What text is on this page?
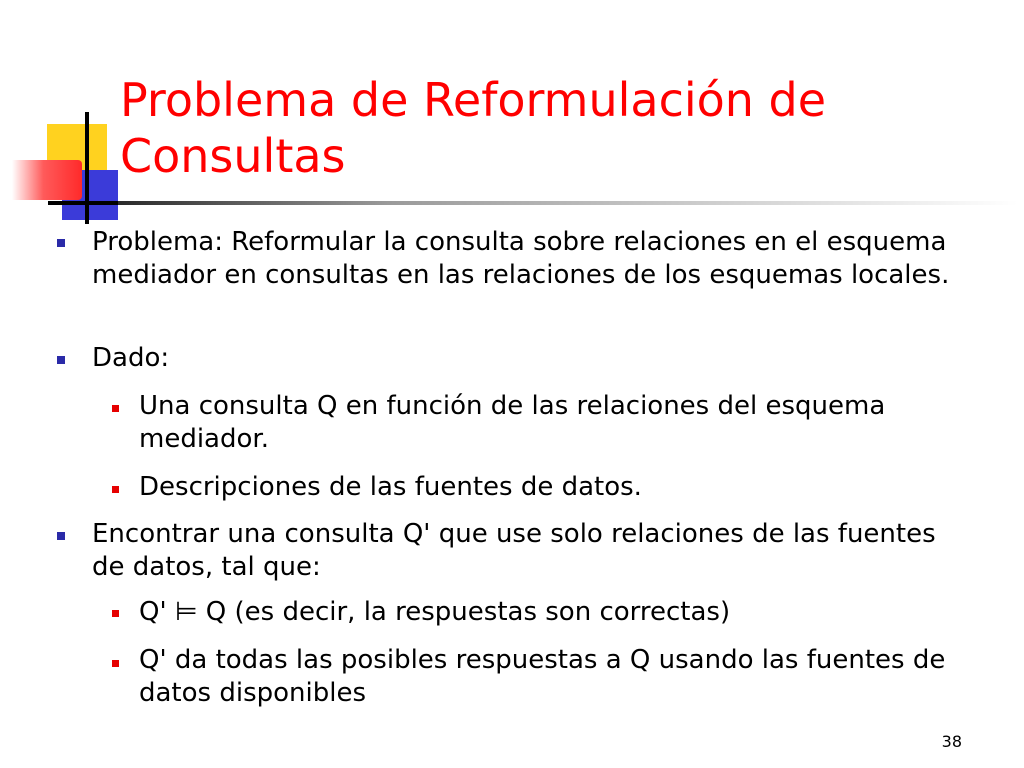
Problema de Reformulación de Consultas
Problema: Reformular la consulta sobre relaciones en el esquema mediador en consultas en las relaciones de los esquemas locales.
Dado:
Una consulta Q en función de las relaciones del esquema mediador.
Descripciones de las fuentes de datos.
Encontrar una consulta Q' que use solo relaciones de las fuentes de datos, tal que:
Q' ⊨ Q (es decir, la respuestas son correctas)
Q' da todas las posibles respuestas a Q usando las fuentes de datos disponibles
38
